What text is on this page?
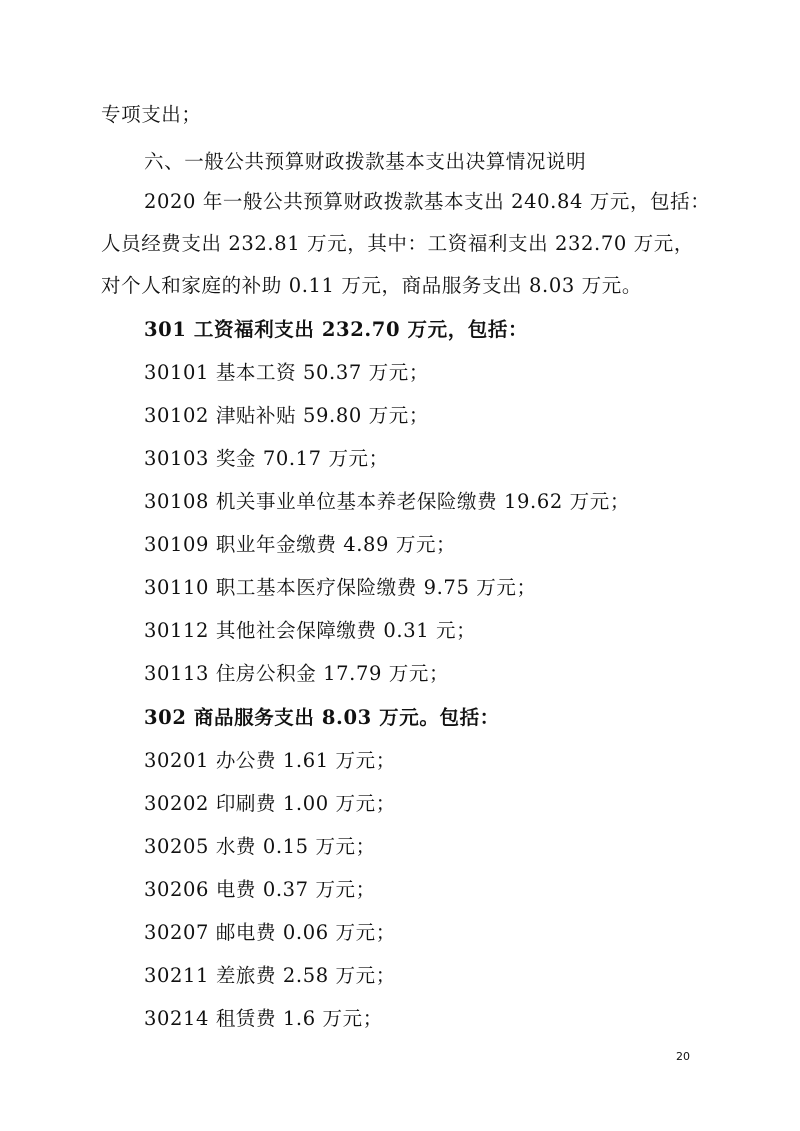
专项支出；
六、一般公共预算财政拨款基本支出决算情况说明
2020 年一般公共预算财政拨款基本支出 240.84 万元，包括：
人员经费支出 232.81 万元，其中：工资福利支出 232.70 万元，
对个人和家庭的补助 0.11 万元，商品服务支出 8.03 万元。
301 工资福利支出 232.70 万元，包括：
30101 基本工资 50.37 万元；
30102 津贴补贴 59.80 万元；
30103 奖金 70.17 万元；
30108 机关事业单位基本养老保险缴费 19.62 万元；
30109 职业年金缴费 4.89 万元；
30110 职工基本医疗保险缴费 9.75 万元；
30112 其他社会保障缴费 0.31 元；
30113 住房公积金 17.79 万元；
302 商品服务支出 8.03 万元。包括：
30201 办公费 1.61 万元；
30202 印刷费 1.00 万元；
30205 水费 0.15 万元；
30206 电费 0.37 万元；
30207 邮电费 0.06 万元；
30211 差旅费 2.58 万元；
30214 租赁费 1.6 万元；
20
